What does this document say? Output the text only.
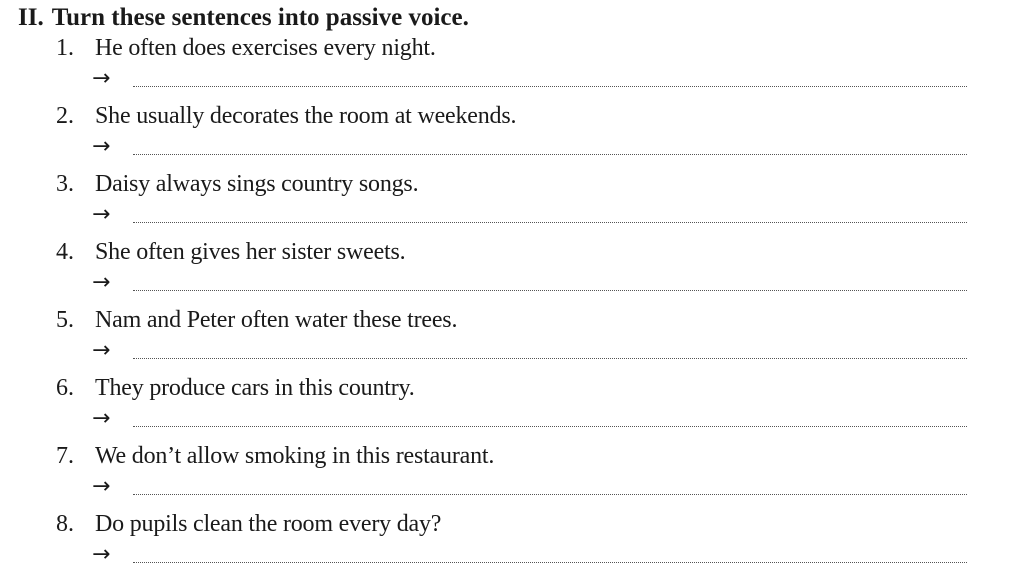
II. Turn these sentences into passive voice.
1. He often does exercises every night.
→
2. She usually decorates the room at weekends.
→
3. Daisy always sings country songs.
→
4. She often gives her sister sweets.
→
5. Nam and Peter often water these trees.
→
6. They produce cars in this country.
→
7. We don’t allow smoking in this restaurant.
→
8. Do pupils clean the room every day?
→
